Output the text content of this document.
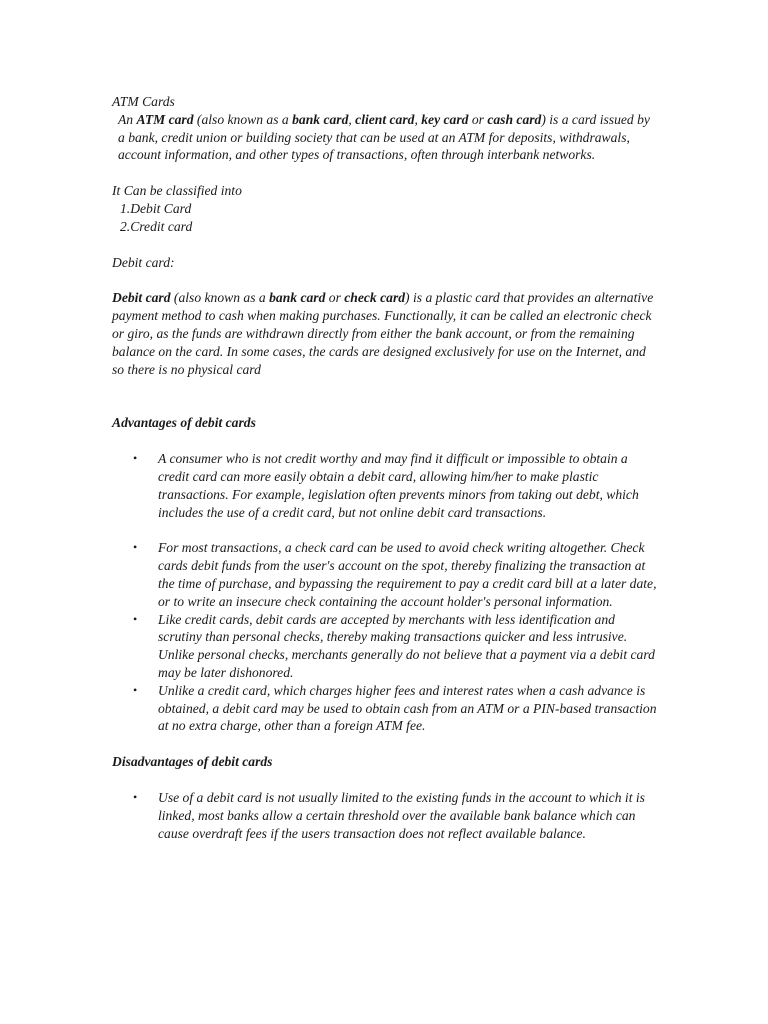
ATM Cards

An ATM card (also known as a bank card, client card, key card or cash card) is a card issued by a bank, credit union or building society that can be used at an ATM for deposits, withdrawals, account information, and other types of transactions, often through interbank networks.

It Can be classified into

1.Debit Card

2.Credit card

Debit card:

Debit card (also known as a bank card or check card) is a plastic card that provides an alternative payment method to cash when making purchases. Functionally, it can be called an electronic check or giro, as the funds are withdrawn directly from either the bank account, or from the remaining balance on the card. In some cases, the cards are designed exclusively for use on the Internet, and so there is no physical card

Advantages of debit cards

• A consumer who is not credit worthy and may find it difficult or impossible to obtain a credit card can more easily obtain a debit card, allowing him/her to make plastic transactions. For example, legislation often prevents minors from taking out debt, which includes the use of a credit card, but not online debit card transactions.
• For most transactions, a check card can be used to avoid check writing altogether. Check cards debit funds from the user's account on the spot, thereby finalizing the transaction at the time of purchase, and bypassing the requirement to pay a credit card bill at a later date, or to write an insecure check containing the account holder's personal information.
• Like credit cards, debit cards are accepted by merchants with less identification and scrutiny than personal checks, thereby making transactions quicker and less intrusive. Unlike personal checks, merchants generally do not believe that a payment via a debit card may be later dishonored.
• Unlike a credit card, which charges higher fees and interest rates when a cash advance is obtained, a debit card may be used to obtain cash from an ATM or a PIN-based transaction at no extra charge, other than a foreign ATM fee.

Disadvantages of debit cards

• Use of a debit card is not usually limited to the existing funds in the account to which it is linked, most banks allow a certain threshold over the available bank balance which can cause overdraft fees if the users transaction does not reflect available balance.
